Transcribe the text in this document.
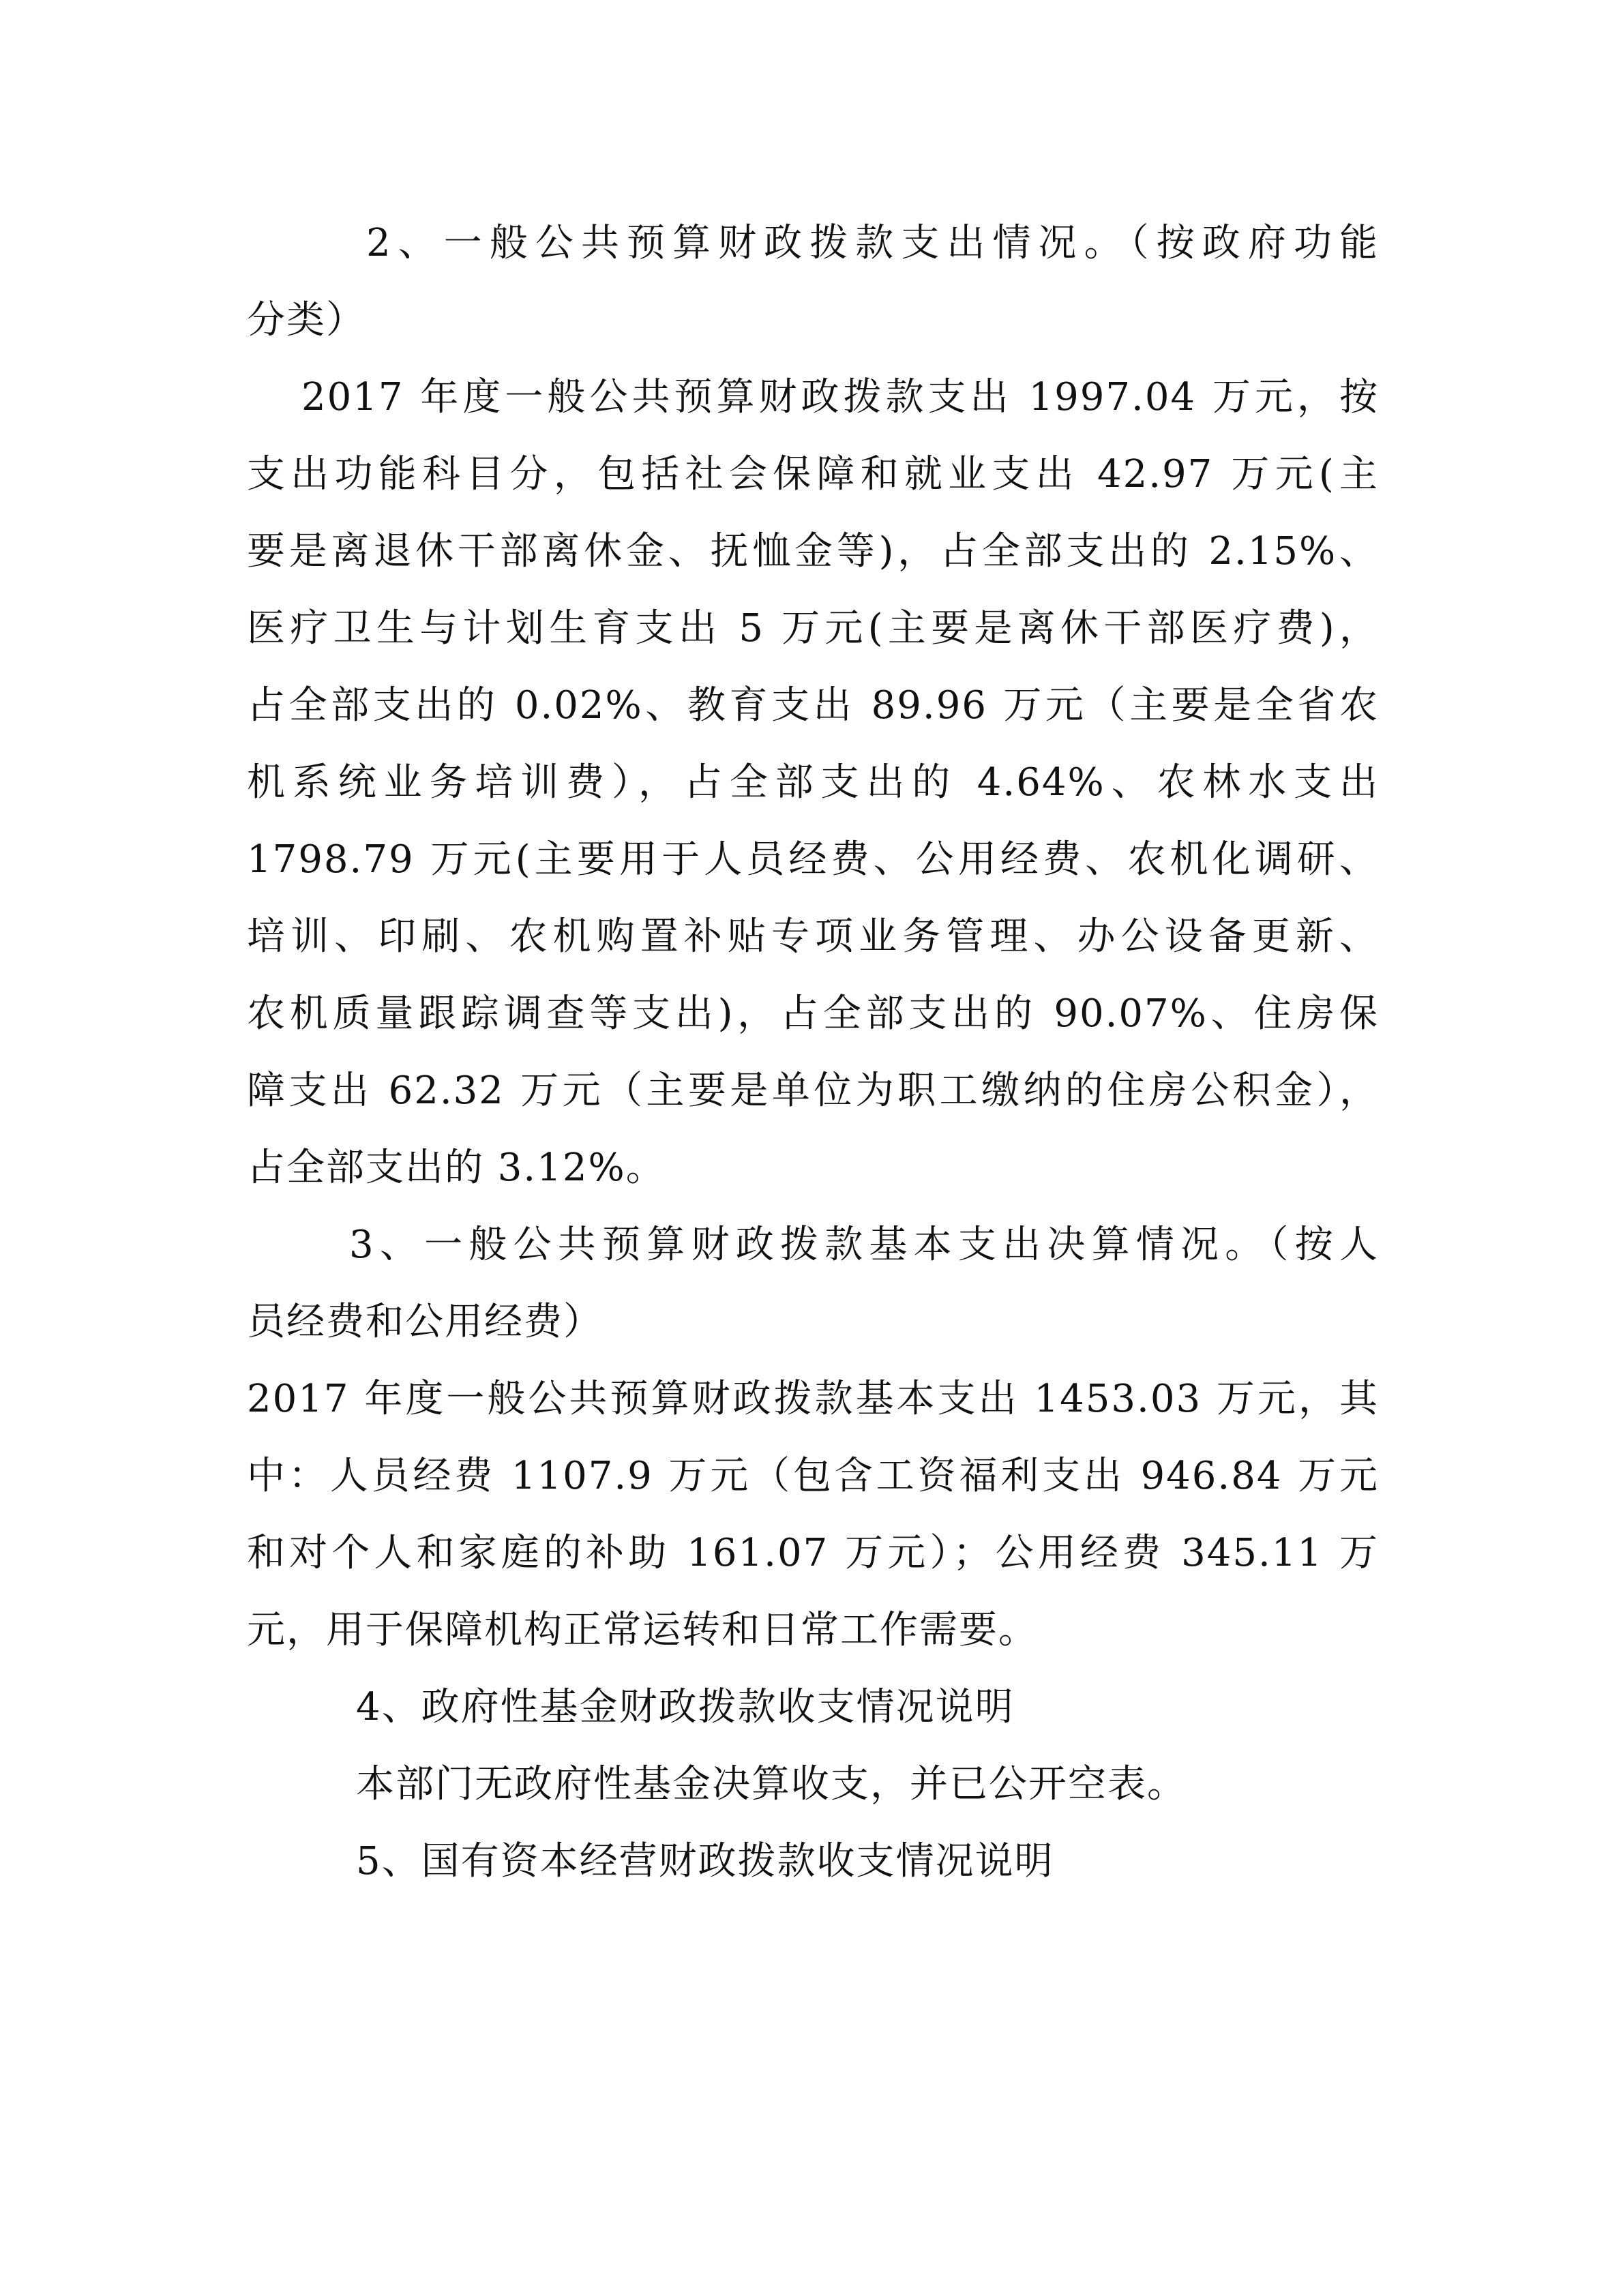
2、一般公共预算财政拨款支出情况。（按政府功能
分类）
2017 年度一般公共预算财政拨款支出 1997.04 万元，按
支出功能科目分，包括社会保障和就业支出 42.97 万元(主
要是离退休干部离休金、抚恤金等)，占全部支出的 2.15%、
医疗卫生与计划生育支出 5 万元(主要是离休干部医疗费)，
占全部支出的 0.02%、教育支出 89.96 万元（主要是全省农
机系统业务培训费），占全部支出的 4.64%、农林水支出
1798.79 万元(主要用于人员经费、公用经费、农机化调研、
培训、印刷、农机购置补贴专项业务管理、办公设备更新、
农机质量跟踪调查等支出)，占全部支出的 90.07%、住房保
障支出 62.32 万元（主要是单位为职工缴纳的住房公积金），
占全部支出的 3.12%。
3、一般公共预算财政拨款基本支出决算情况。（按人
员经费和公用经费）
2017 年度一般公共预算财政拨款基本支出 1453.03 万元，其
中：人员经费 1107.9 万元（包含工资福利支出 946.84 万元
和对个人和家庭的补助 161.07 万元）；公用经费 345.11 万
元，用于保障机构正常运转和日常工作需要。
4、政府性基金财政拨款收支情况说明
本部门无政府性基金决算收支，并已公开空表。
5、国有资本经营财政拨款收支情况说明
